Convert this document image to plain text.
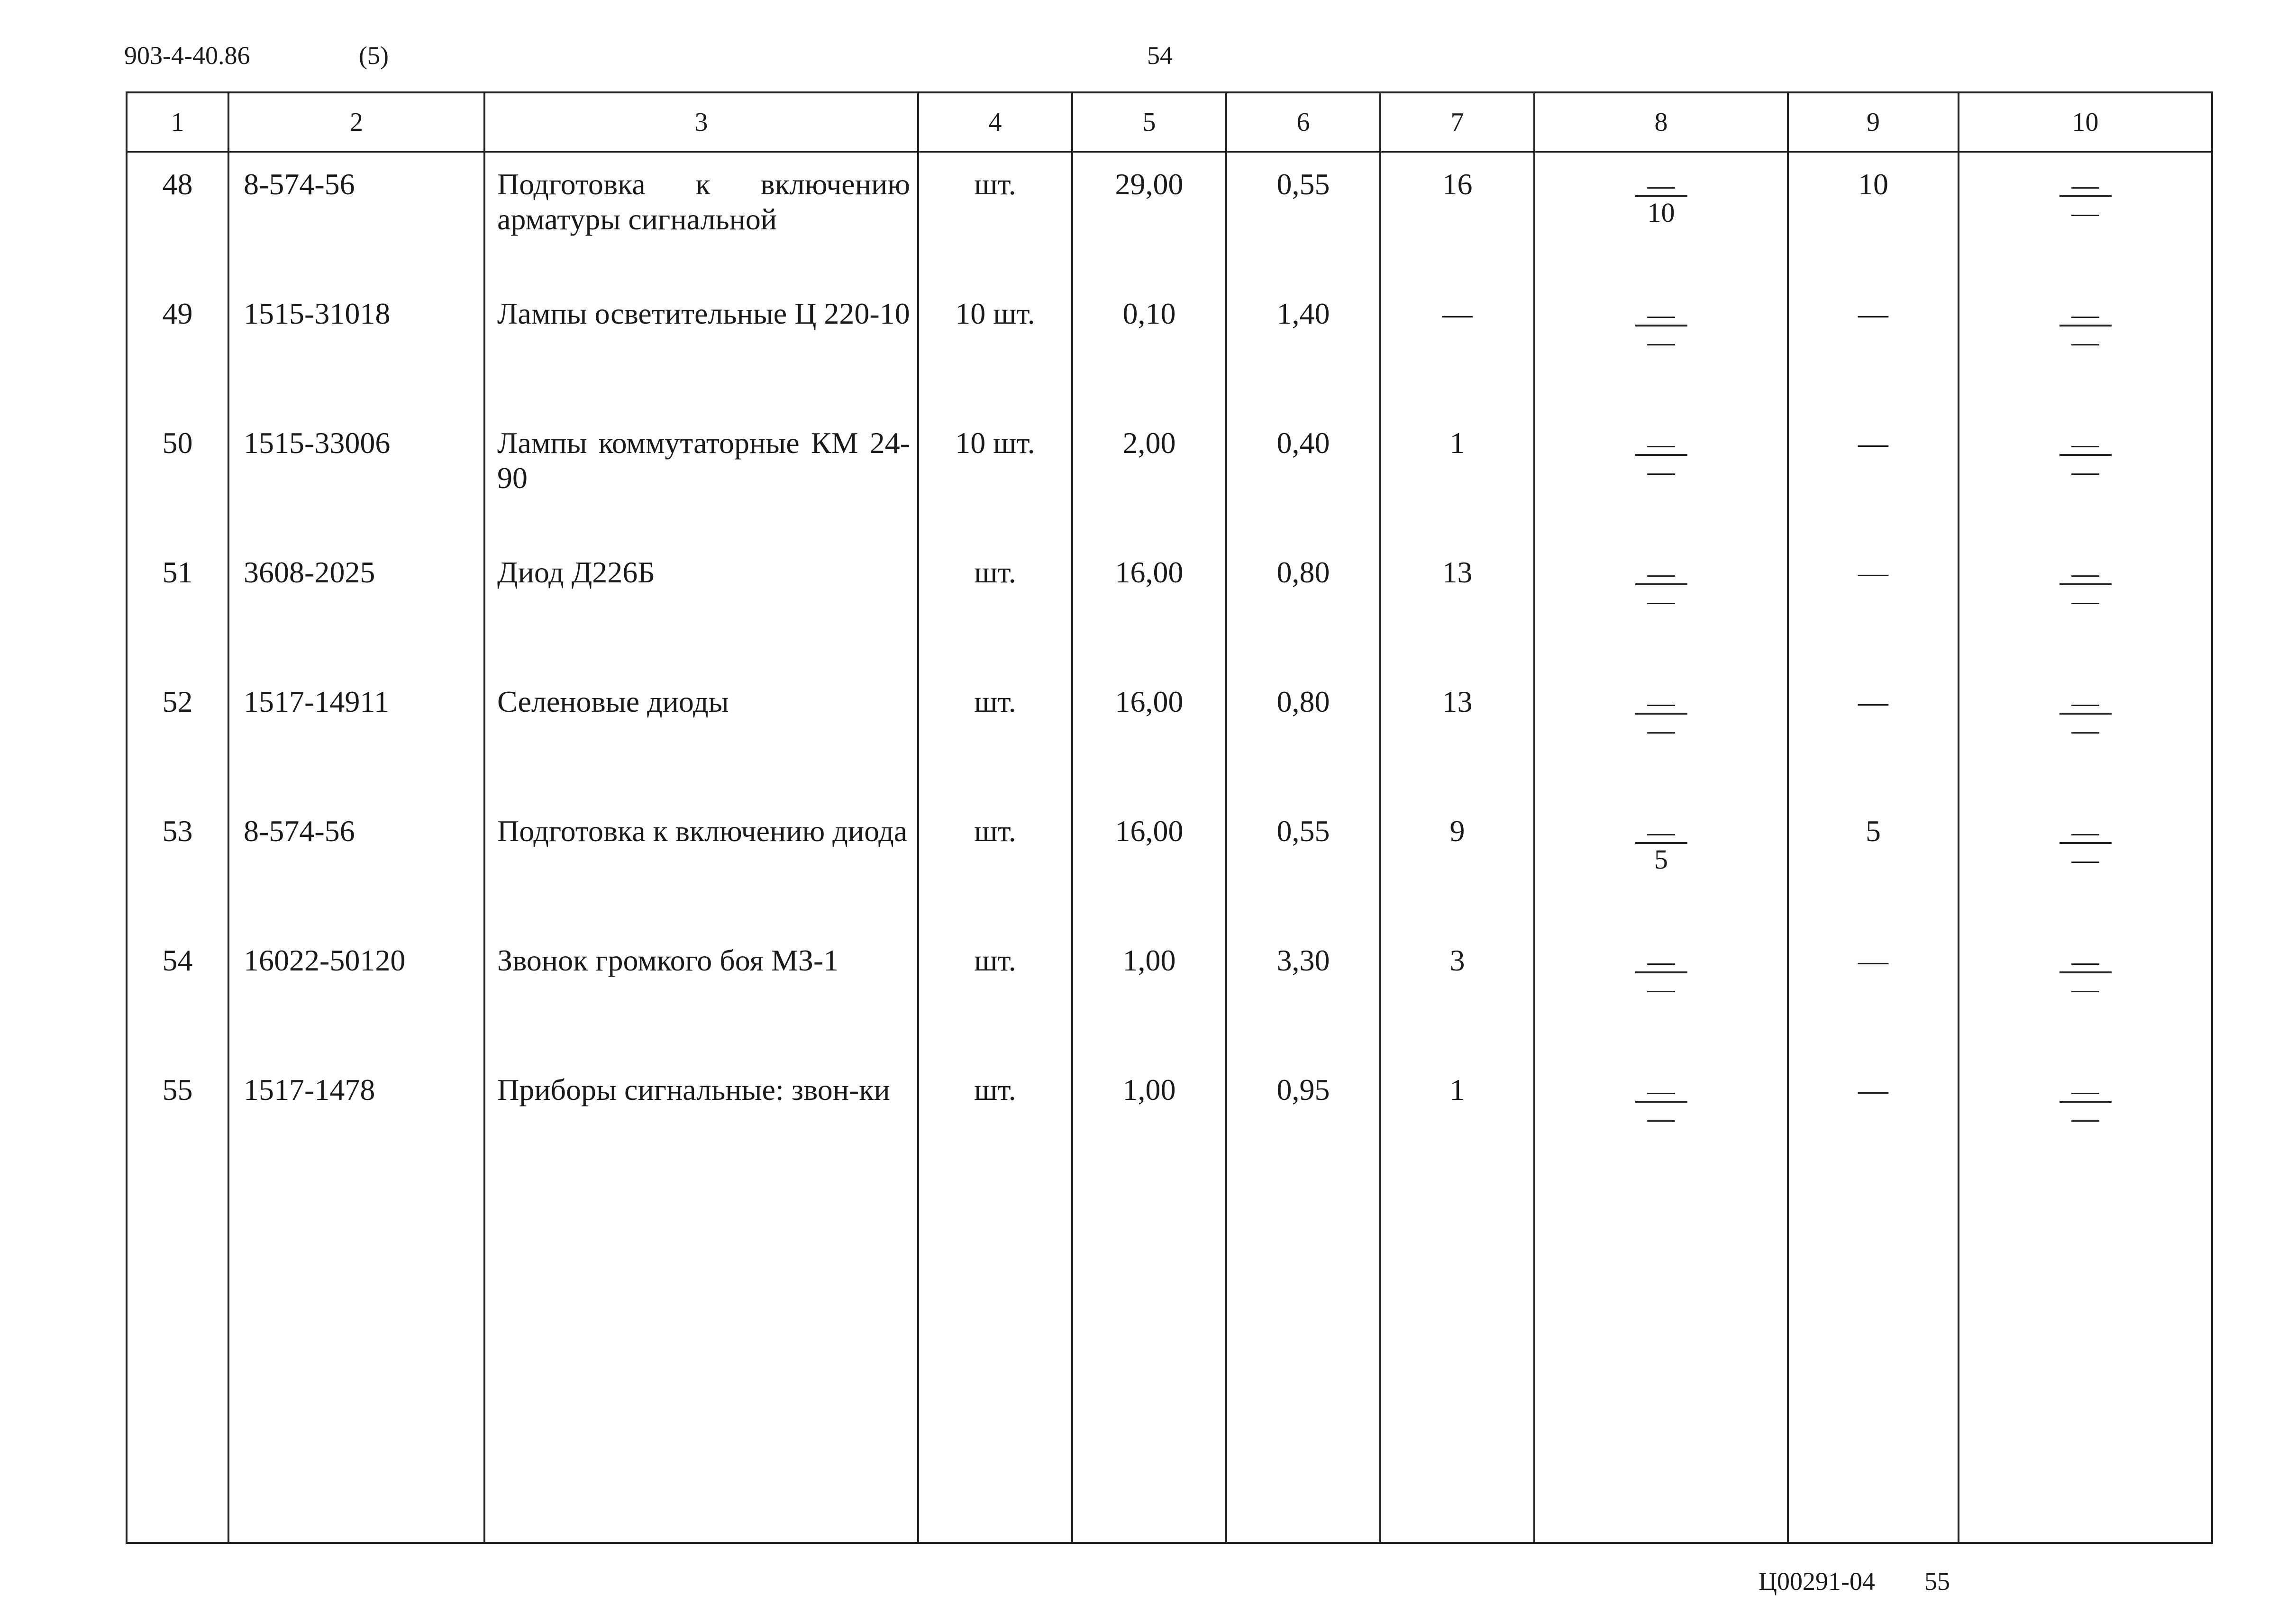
903-4-40.86	(5)	54
1	2	3	4	5	6	7	8	9	10
48	8-574-56	Подготовка к включению арматуры сигнальной	шт.	29,00	0,55	16	$\frac{—}{10}$	10	$\frac{—}{—}$

49	1515-31018	Лампы осветительные Ц 220-10	10 шт.	0,10	1,40	—	$\frac{—}{—}$	—	$\frac{—}{—}$

50	1515-33006	Лампы коммутаторные КМ 24-90	10 шт.	2,00	0,40	1	$\frac{—}{—}$	—	$\frac{—}{—}$

51	3608-2025	Диод Д226Б	шт.	16,00	0,80	13	$\frac{—}{—}$	—	$\frac{—}{—}$

52	1517-14911	Селеновые диоды	шт.	16,00	0,80	13	$\frac{—}{—}$	—	$\frac{—}{—}$

53	8-574-56	Подготовка к включению диода	шт.	16,00	0,55	9	$\frac{—}{5}$	5	$\frac{—}{—}$

54	16022-50120	Звонок громкого боя МЗ-1	шт.	1,00	3,30	3	$\frac{—}{—}$	—	$\frac{—}{—}$

55	1517-1478	Приборы сигнальные: звон-ки	шт.	1,00	0,95	1	$\frac{—}{—}$	—	$\frac{—}{—}$

Ц00291-04 55
